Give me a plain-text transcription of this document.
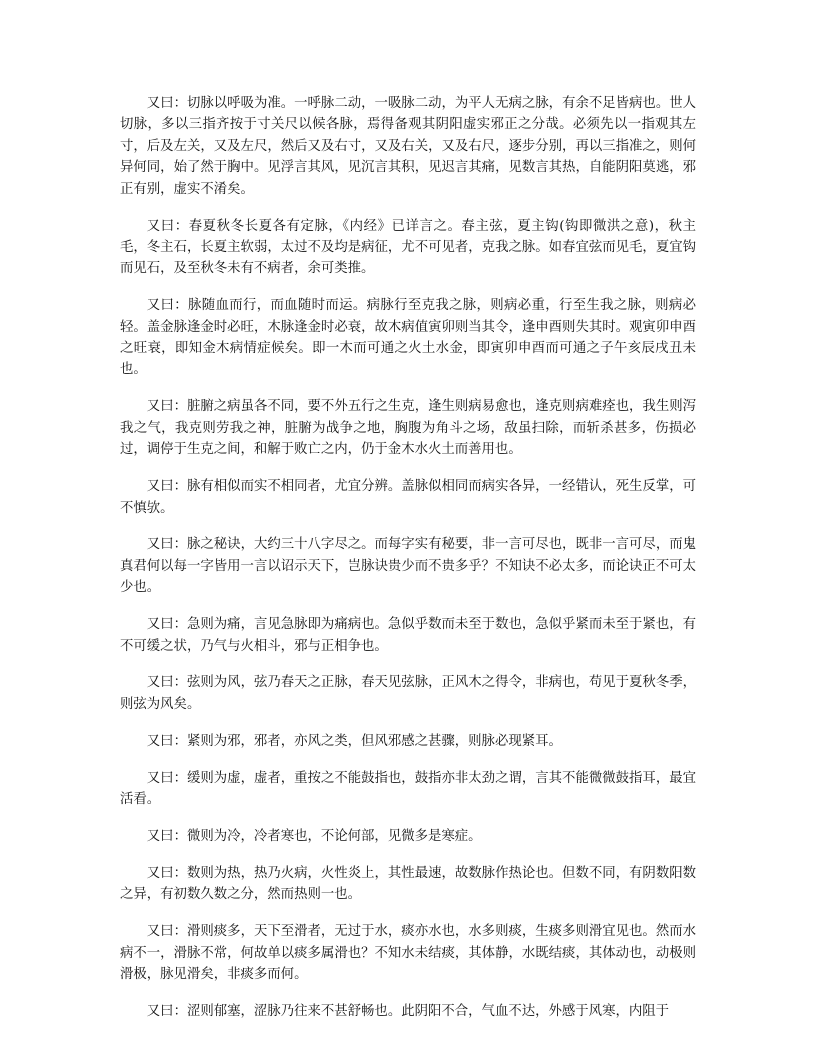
又曰：切脉以呼吸为准。一呼脉二动，一吸脉二动，为平人无病之脉，有余不足皆病也。世人切脉，多以三指齐按于寸关尺以候各脉，焉得备观其阴阳虚实邪正之分哉。必须先以一指观其左寸，后及左关，又及左尺，然后又及右寸，又及右关，又及右尺，逐步分别，再以三指准之，则何异何同，始了然于胸中。见浮言其风，见沉言其积，见迟言其痛，见数言其热，自能阴阳莫逃，邪正有别，虚实不淆矣。

又曰：春夏秋冬长夏各有定脉，《内经》已详言之。春主弦，夏主钩(钩即微洪之意)，秋主毛，冬主石，长夏主软弱，太过不及均是病征，尤不可见者，克我之脉。如春宜弦而见毛，夏宜钩而见石，及至秋冬未有不病者，余可类推。

又曰：脉随血而行，而血随时而运。病脉行至克我之脉，则病必重，行至生我之脉，则病必轻。盖金脉逢金时必旺，木脉逢金时必衰，故木病值寅卯则当其令，逢申酉则失其时。观寅卯申酉之旺衰，即知金木病情症候矣。即一木而可通之火土水金，即寅卯申酉而可通之子午亥辰戌丑未也。

又曰：脏腑之病虽各不同，要不外五行之生克，逢生则病易愈也，逢克则病难痊也，我生则泻我之气，我克则劳我之神，脏腑为战争之地，胸腹为角斗之场，敌虽扫除，而斩杀甚多，伤损必过，调停于生克之间，和解于败亡之内，仍于金木水火土而善用也。

又曰：脉有相似而实不相同者，尤宜分辨。盖脉似相同而病实各异，一经错认，死生反掌，可不慎欤。

又曰：脉之秘诀，大约三十八字尽之。而每字实有秘要，非一言可尽也，既非一言可尽，而鬼真君何以每一字皆用一言以诏示天下，岂脉诀贵少而不贵多乎？不知诀不必太多，而论诀正不可太少也。

又曰：急则为痛，言见急脉即为痛病也。急似乎数而未至于数也，急似乎紧而未至于紧也，有不可缓之状，乃气与火相斗，邪与正相争也。

又曰：弦则为风，弦乃春天之正脉，春天见弦脉，正风木之得令，非病也，苟见于夏秋冬季，则弦为风矣。

又曰：紧则为邪，邪者，亦风之类，但风邪感之甚骤，则脉必现紧耳。

又曰：缓则为虚，虚者，重按之不能鼓指也，鼓指亦非太劲之谓，言其不能微微鼓指耳，最宜活看。

又曰：微则为冷，冷者寒也，不论何部，见微多是寒症。

又曰：数则为热，热乃火病，火性炎上，其性最速，故数脉作热论也。但数不同，有阴数阳数之异，有初数久数之分，然而热则一也。

又曰：滑则痰多，天下至滑者，无过于水，痰亦水也，水多则痰，生痰多则滑宜见也。然而水病不一，滑脉不常，何故单以痰多属滑也？不知水未结痰，其体静，水既结痰，其体动也，动极则滑极，脉见滑矣，非痰多而何。

又曰：涩则郁塞，涩脉乃往来不甚舒畅也。此阴阳不合，气血不达，外感于风寒，内阻于
